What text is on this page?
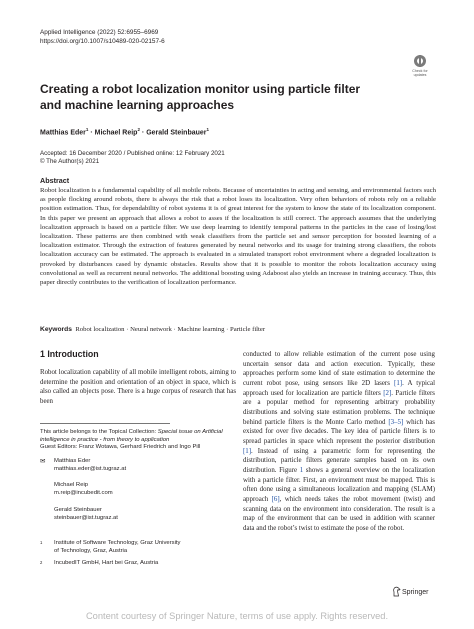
Applied Intelligence (2022) 52:6955–6969
https://doi.org/10.1007/s10489-020-02157-6
Check for updates
Creating a robot localization monitor using particle filter and machine learning approaches
Matthias Eder$^1$ · Michael Reip$^2$ · Gerald Steinbauer$^1$
Accepted: 16 December 2020 / Published online: 12 February 2021
© The Author(s) 2021
Abstract
Robot localization is a fundamental capability of all mobile robots. Because of uncertainties in acting and sensing, and environmental factors such as people flocking around robots, there is always the risk that a robot loses its localization. Very often behaviors of robots rely on a reliable position estimation. Thus, for dependability of robot systems it is of great interest for the system to know the state of its localization component. In this paper we present an approach that allows a robot to asses if the localization is still correct. The approach assumes that the underlying localization approach is based on a particle filter. We use deep learning to identify temporal patterns in the particles in the case of losing/lost localization. These patterns are then combined with weak classifiers from the particle set and sensor perception for boosted learning of a localization estimator. Through the extraction of features generated by neural networks and its usage for training strong classifiers, the robots localization accuracy can be estimated. The approach is evaluated in a simulated transport robot environment where a degraded localization is provoked by disturbances cased by dynamic obstacles. Results show that it is possible to monitor the robots localization accuracy using convolutional as well as recurrent neural networks. The additional boosting using Adaboost also yields an increase in training accuracy. Thus, this paper directly contributes to the verification of localization performance.
Keywords Robot localization · Neural network · Machine learning · Particle filter
1 Introduction
Robot localization capability of all mobile intelligent robots, aiming to determine the position and orientation of an object in space, which is also called an objects pose. There is a huge corpus of research that has been
conducted to allow reliable estimation of the current pose using uncertain sensor data and action execution. Typically, these approaches perform some kind of state estimation to determine the current robot pose, using sensors like 2D lasers [1]. A typical approach used for localization are particle filters [2]. Particle filters are a popular method for representing arbitrary probability distributions and solving state estimation problems. The technique behind particle filters is the Monte Carlo method [3–5] which has existed for over five decades. The key idea of particle filters is to spread particles in space which represent the posterior distribution [1]. Instead of using a parametric form for representing the distribution, particle filters generate samples based on its own distribution. Figure 1 shows a general overview on the localization with a particle filter. First, an environment must be mapped. This is often done using a simultaneous localization and mapping (SLAM) approach [6], which needs takes the robot movement (twist) and scanning data on the environment into consideration. The result is a map of the environment that can be used in addition with scanner data and the robot’s twist to estimate the pose of the robot.
This article belongs to the Topical Collection: Special issue on Artificial intelligence in practice - from theory to application
Guest Editors: Franz Wotawa, Gerhard Friedrich and Ingo Pill
✉ Matthias Eder
matthias.eder@ist.tugraz.at
Michael Reip
m.reip@incubedit.com
Gerald Steinbauer
steinbauer@ist.tugraz.at
1 Institute of Software Technology, Graz University
of Technology, Graz, Austria
2 IncubedIT GmbH, Hart bei Graz, Austria
Springer
Content courtesy of Springer Nature, terms of use apply. Rights reserved.
